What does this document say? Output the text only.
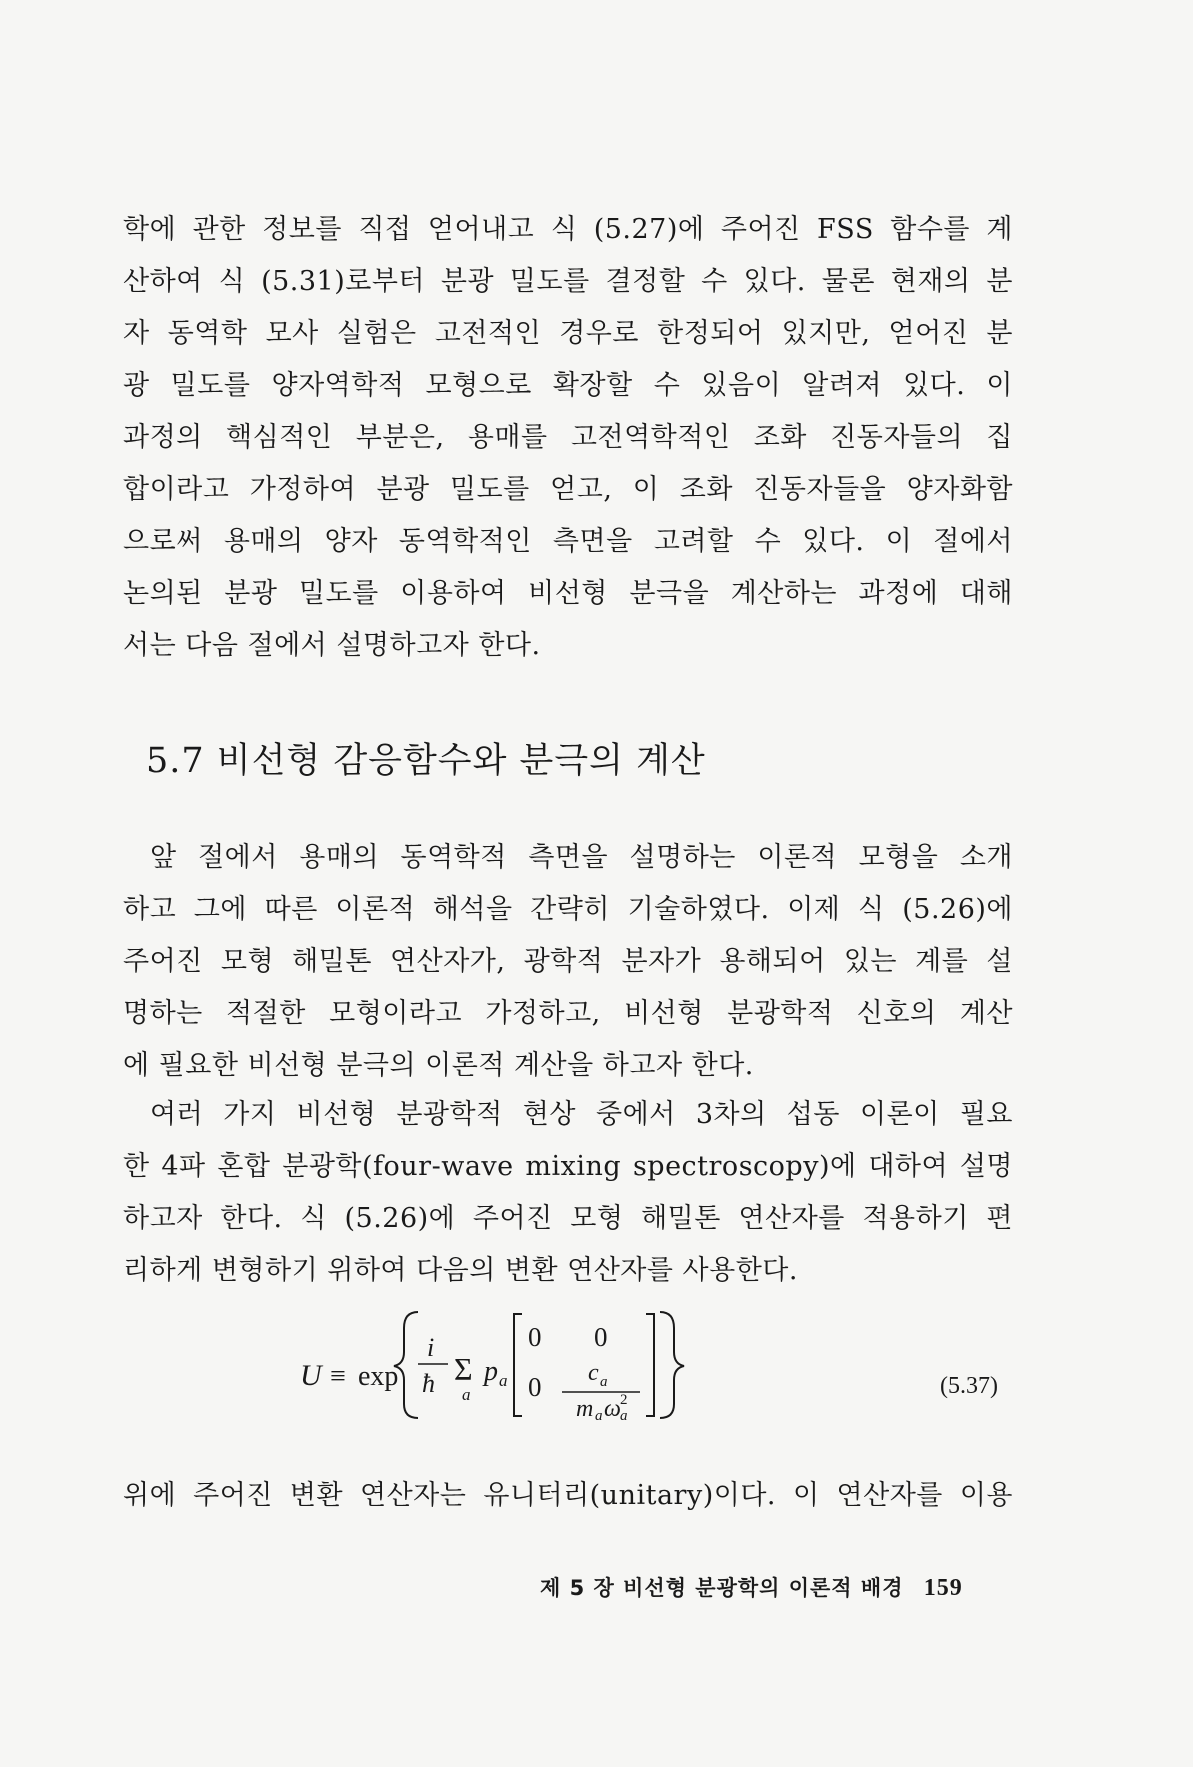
학에 관한 정보를 직접 얻어내고 식 (5.27)에 주어진 FSS 함수를 계
산하여 식 (5.31)로부터 분광 밀도를 결정할 수 있다. 물론 현재의 분
자 동역학 모사 실험은 고전적인 경우로 한정되어 있지만, 얻어진 분
광 밀도를 양자역학적 모형으로 확장할 수 있음이 알려져 있다. 이
과정의 핵심적인 부분은, 용매를 고전역학적인 조화 진동자들의 집
합이라고 가정하여 분광 밀도를 얻고, 이 조화 진동자들을 양자화함
으로써 용매의 양자 동역학적인 측면을 고려할 수 있다. 이 절에서
논의된 분광 밀도를 이용하여 비선형 분극을 계산하는 과정에 대해
서는 다음 절에서 설명하고자 한다.
5.7 비선형 감응함수와 분극의 계산
앞 절에서 용매의 동역학적 측면을 설명하는 이론적 모형을 소개
하고 그에 따른 이론적 해석을 간략히 기술하였다. 이제 식 (5.26)에
주어진 모형 해밀톤 연산자가, 광학적 분자가 용해되어 있는 계를 설
명하는 적절한 모형이라고 가정하고, 비선형 분광학적 신호의 계산
에 필요한 비선형 분극의 이론적 계산을 하고자 한다.
여러 가지 비선형 분광학적 현상 중에서 3차의 섭동 이론이 필요
한 4파 혼합 분광학(four-wave mixing spectroscopy)에 대하여 설명
하고자 한다. 식 (5.26)에 주어진 모형 해밀톤 연산자를 적용하기 편
리하게 변형하기 위하여 다음의 변환 연산자를 사용한다.
U ≡ exp
i
ħ Σ
a
p a
0 0
0 c a
m a ω a
2
(5.37)
위에 주어진 변환 연산자는 유니터리(unitary)이다. 이 연산자를 이용
제 5 장 비선형 분광학의 이론적 배경 159
